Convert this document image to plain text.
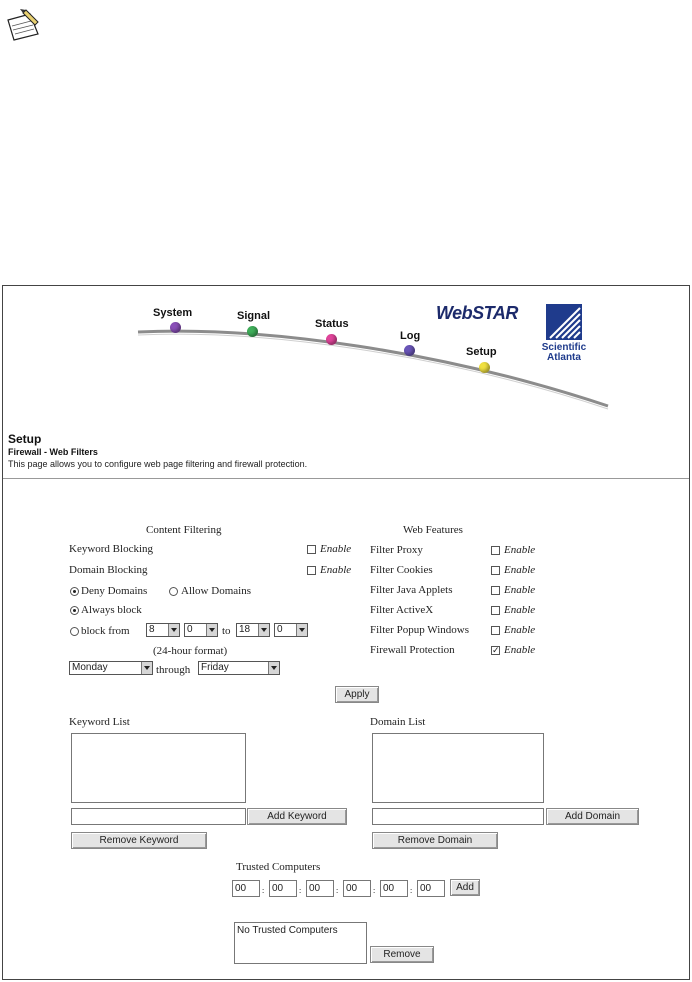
System	Signal
Status
Log
Setup
WebSTAR
Scientific
Atlanta
Setup
Firewall - Web Filters
This page allows you to configure web page filtering and firewall protection.
Content Filtering
Keyword Blocking	Enable
Domain Blocking	Enable
Deny Domains	Allow Domains
Always block
block from	8	0	to 18	0
(24-hour format)
Monday	through	Friday
Web Features
Filter Proxy	Enable
Filter Cookies	Enable
Filter Java Applets	Enable
Filter ActiveX	Enable
Filter Popup Windows	Enable
Firewall Protection	✓ Enable
Apply
Keyword List
Add Keyword
Remove Keyword
Domain List
Add Domain
Remove Domain
Trusted Computers
00	: 00	: 00	: 00	: 00	: 00	Add
No Trusted Computers
Remove
